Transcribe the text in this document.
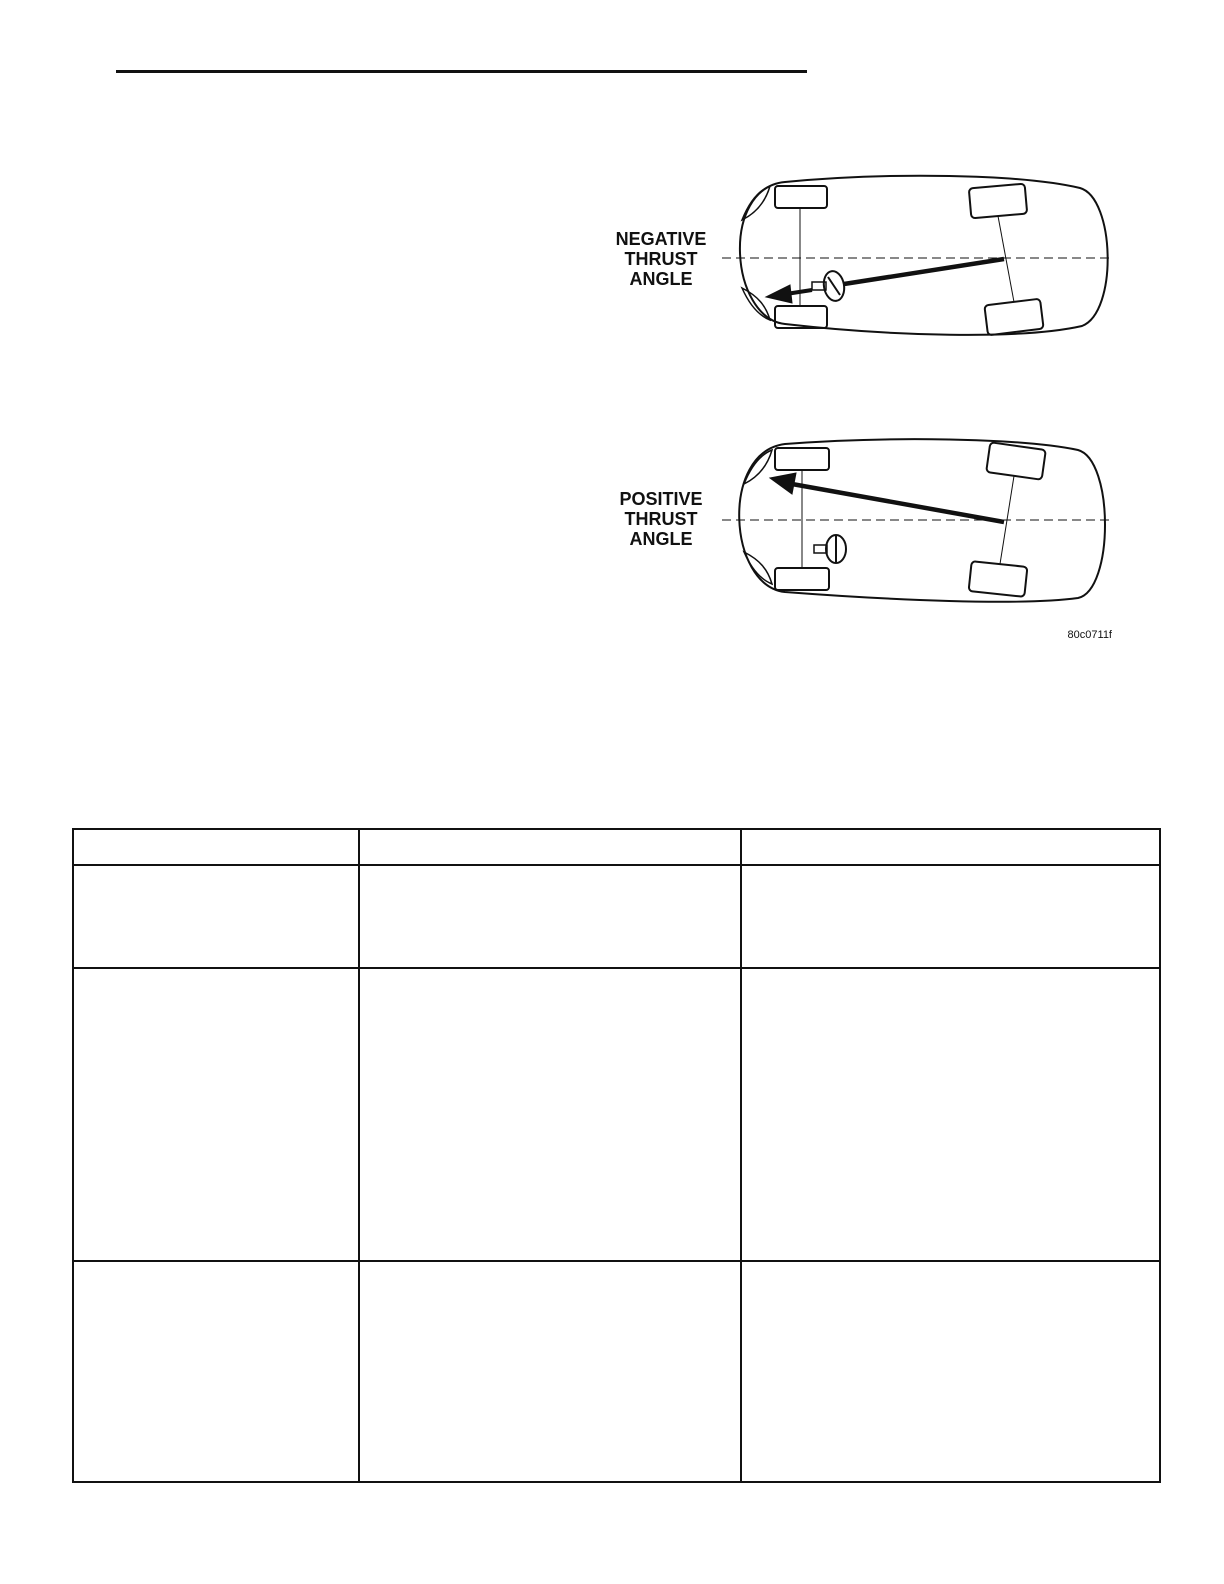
NEGATIVE
THRUST
ANGLE
POSITIVE
THRUST
ANGLE
80c0711f
